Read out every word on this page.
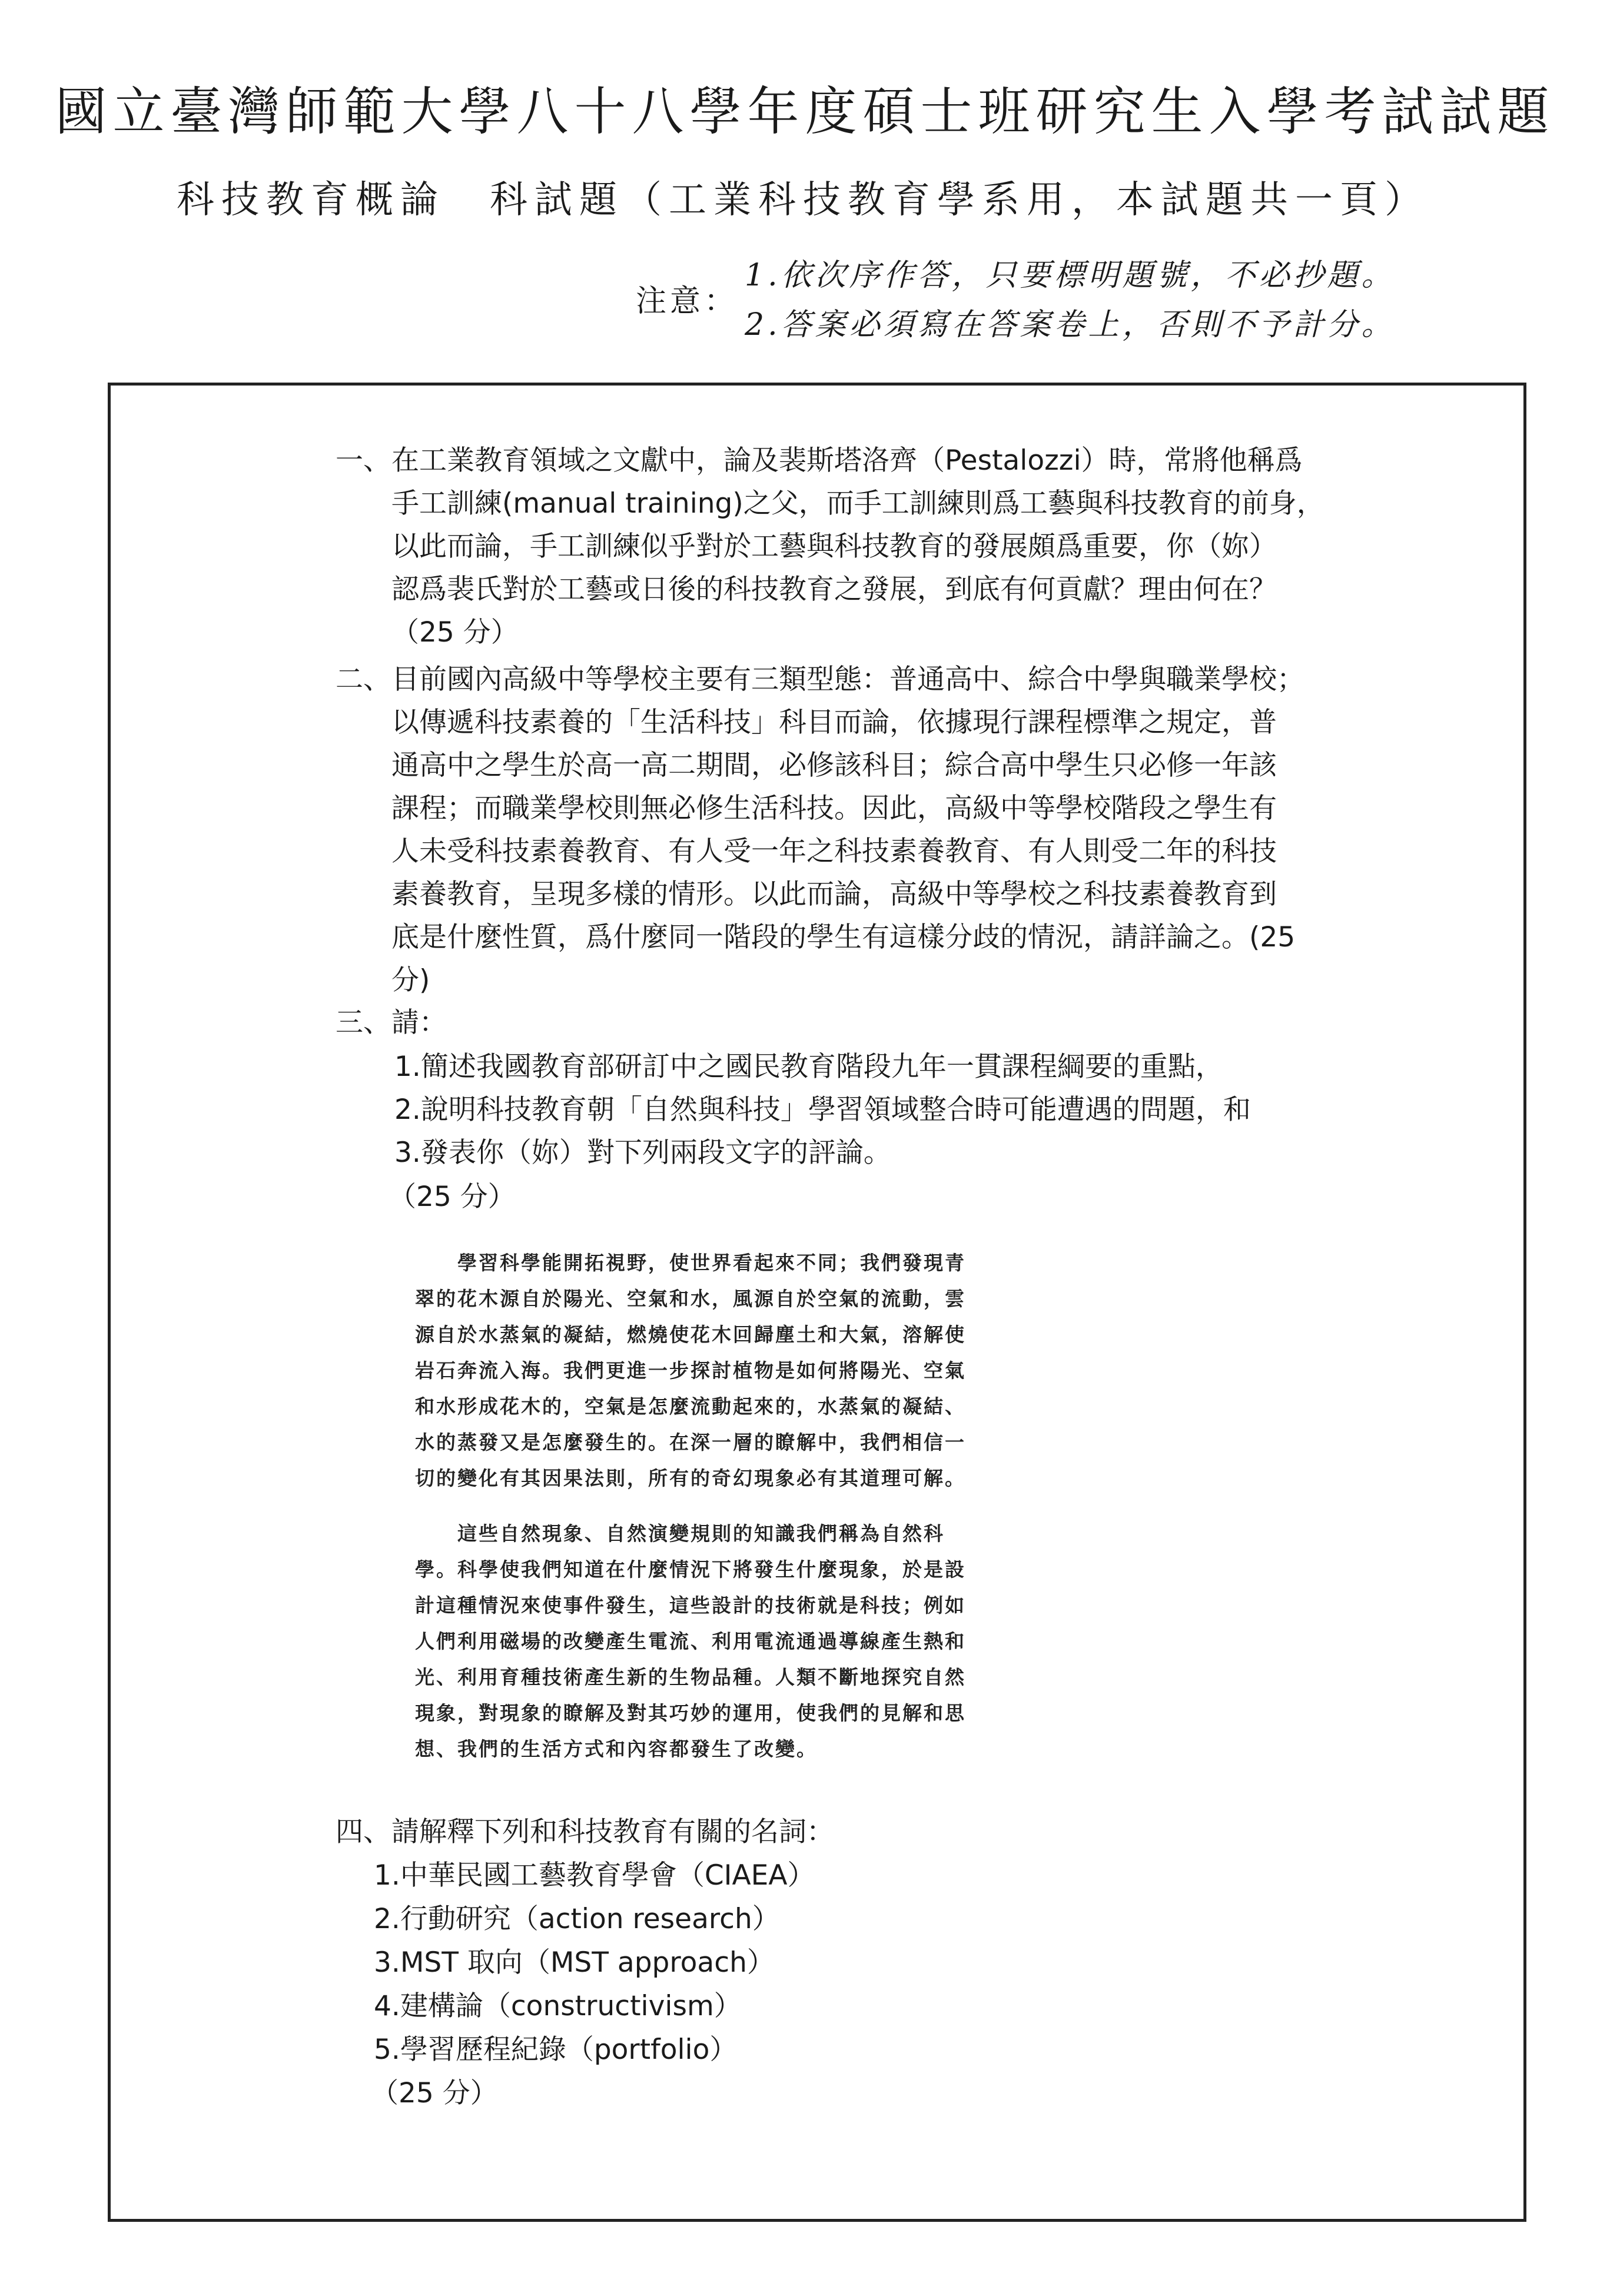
國立臺灣師範大學八十八學年度碩士班研究生入學考試試題
科技教育概論　科試題（工業科技教育學系用，本試題共一頁）
注意：
1.依次序作答，只要標明題號，不必抄題。
2.答案必須寫在答案卷上，否則不予計分。
一、 在工業教育領域之文獻中，論及裴斯塔洛齊（Pestalozzi）時，常將他稱爲
手工訓練(manual training)之父，而手工訓練則爲工藝與科技教育的前身，
以此而論，手工訓練似乎對於工藝與科技教育的發展頗爲重要，你（妳）
認爲裴氏對於工藝或日後的科技教育之發展，到底有何貢獻？理由何在？
（25 分）
二、 目前國內高級中等學校主要有三類型態：普通高中、綜合中學與職業學校；
以傳遞科技素養的「生活科技」科目而論，依據現行課程標準之規定，普
通高中之學生於高一高二期間，必修該科目；綜合高中學生只必修一年該
課程；而職業學校則無必修生活科技。因此，高級中等學校階段之學生有
人未受科技素養教育、有人受一年之科技素養教育、有人則受二年的科技
素養教育，呈現多樣的情形。以此而論，高級中等學校之科技素養教育到
底是什麼性質，爲什麼同一階段的學生有這樣分歧的情況，請詳論之。(25
分)
三、 請：
1.簡述我國教育部研訂中之國民教育階段九年一貫課程綱要的重點，
2.說明科技教育朝「自然與科技」學習領域整合時可能遭遇的問題，和
3.發表你（妳）對下列兩段文字的評論。
（25 分）
　　學習科學能開拓視野，使世界看起來不同；我們發現青
翠的花木源自於陽光、空氣和水，風源自於空氣的流動，雲
源自於水蒸氣的凝結，燃燒使花木回歸塵土和大氣，溶解使
岩石奔流入海。我們更進一步探討植物是如何將陽光、空氣
和水形成花木的，空氣是怎麼流動起來的，水蒸氣的凝結、
水的蒸發又是怎麼發生的。在深一層的瞭解中，我們相信一
切的變化有其因果法則，所有的奇幻現象必有其道理可解。
　　這些自然現象、自然演變規則的知識我們稱為自然科
學。科學使我們知道在什麼情況下將發生什麼現象，於是設
計這種情況來使事件發生，這些設計的技術就是科技；例如
人們利用磁場的改變產生電流、利用電流通過導線產生熱和
光、利用育種技術產生新的生物品種。人類不斷地探究自然
現象，對現象的瞭解及對其巧妙的運用，使我們的見解和思
想、我們的生活方式和內容都發生了改變。
四、 請解釋下列和科技教育有關的名詞：
1.中華民國工藝教育學會（CIAEA）
2.行動研究（action research）
3.MST 取向（MST approach）
4.建構論（constructivism）
5.學習歷程紀錄（portfolio）
（25 分）
